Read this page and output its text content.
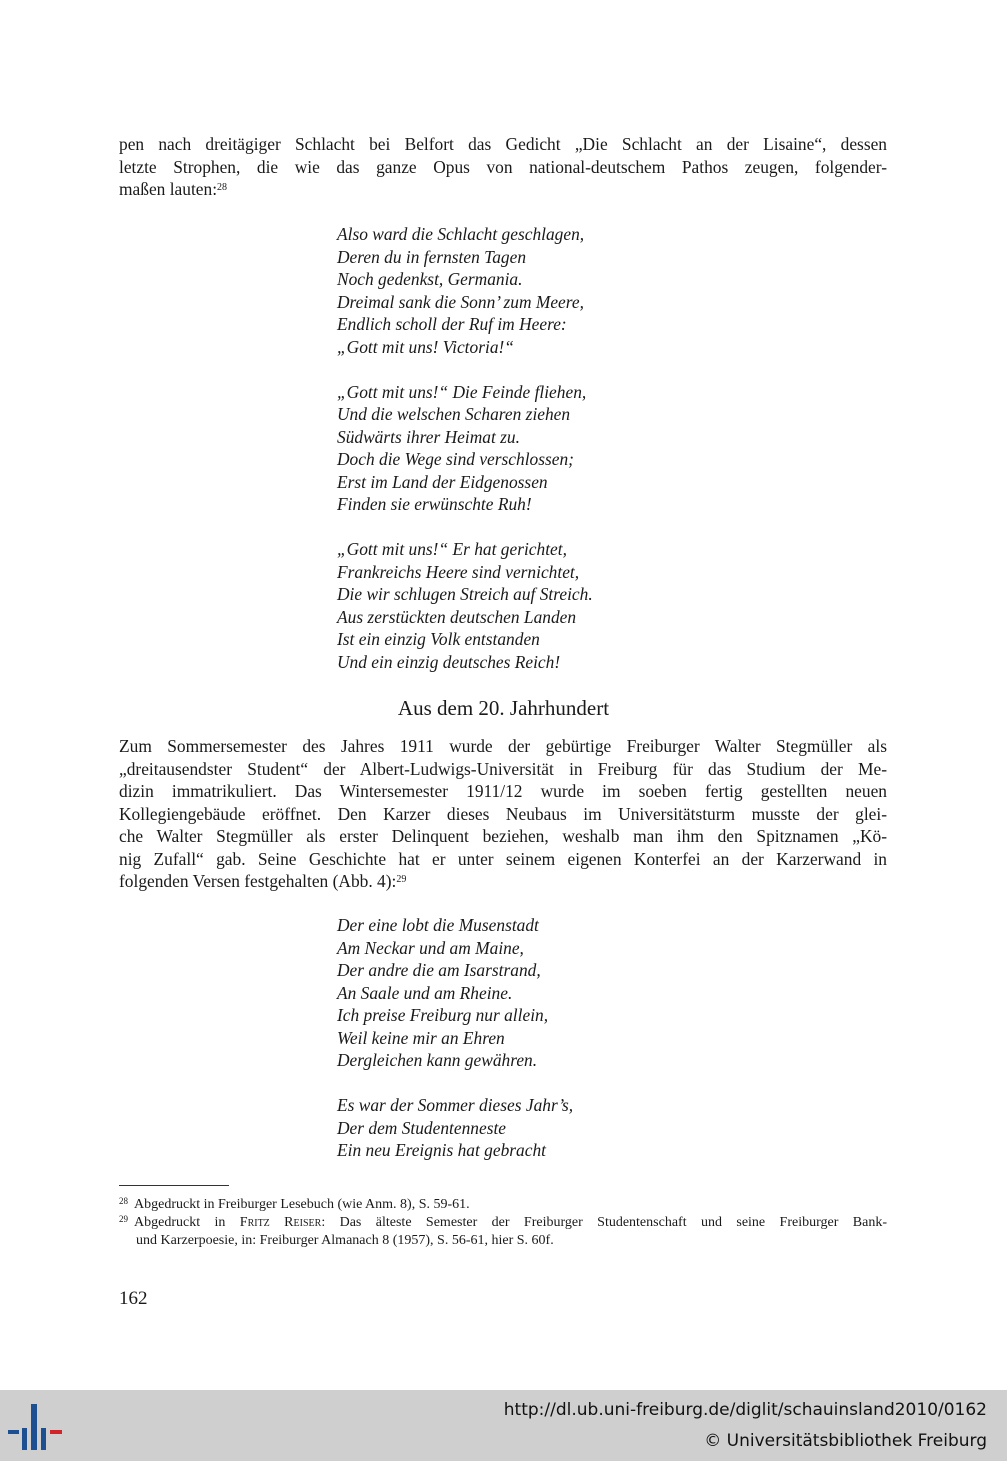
pen nach dreitägiger Schlacht bei Belfort das Gedicht „Die Schlacht an der Lisaine“, dessen
letzte Strophen, die wie das ganze Opus von national-deutschem Pathos zeugen, folgender-
maßen lauten:$^{28}$

Also ward die Schlacht geschlagen,
Deren du in fernsten Tagen
Noch gedenkst, Germania.
Dreimal sank die Sonn’ zum Meere,
Endlich scholl der Ruf im Heere:
„Gott mit uns! Victoria!“
„Gott mit uns!“ Die Feinde fliehen,
Und die welschen Scharen ziehen
Südwärts ihrer Heimat zu.
Doch die Wege sind verschlossen;
Erst im Land der Eidgenossen
Finden sie erwünschte Ruh!
„Gott mit uns!“ Er hat gerichtet,
Frankreichs Heere sind vernichtet,
Die wir schlugen Streich auf Streich.
Aus zerstückten deutschen Landen
Ist ein einzig Volk entstanden
Und ein einzig deutsches Reich!
Aus dem 20. Jahrhundert

Zum Sommersemester des Jahres 1911 wurde der gebürtige Freiburger Walter Stegmüller als
„dreitausendster Student“ der Albert-Ludwigs-Universität in Freiburg für das Studium der Me-
dizin immatrikuliert. Das Wintersemester 1911/12 wurde im soeben fertig gestellten neuen
Kollegiengebäude eröffnet. Den Karzer dieses Neubaus im Universitätsturm musste der glei-
che Walter Stegmüller als erster Delinquent beziehen, weshalb man ihm den Spitznamen „Kö-
nig Zufall“ gab. Seine Geschichte hat er unter seinem eigenen Konterfei an der Karzerwand in
folgenden Versen festgehalten (Abb. 4):$^{29}$

Der eine lobt die Musenstadt
Am Neckar und am Maine,
Der andre die am Isarstrand,
An Saale und am Rheine.
Ich preise Freiburg nur allein,
Weil keine mir an Ehren
Dergleichen kann gewähren.
Es war der Sommer dieses Jahr’s,
Der dem Studentenneste
Ein neu Ereignis hat gebracht
$^{28}$ Abgedruckt in Freiburger Lesebuch (wie Anm. 8), S. 59-61.
$^{29}$ Abgedruckt in Fritz Reiser: Das älteste Semester der Freiburger Studentenschaft und seine Freiburger Bank-
und Karzerpoesie, in: Freiburger Almanach 8 (1957), S. 56-61, hier S. 60f.

162

http://dl.ub.uni-freiburg.de/diglit/schauinsland2010/0162
© Universitätsbibliothek Freiburg
